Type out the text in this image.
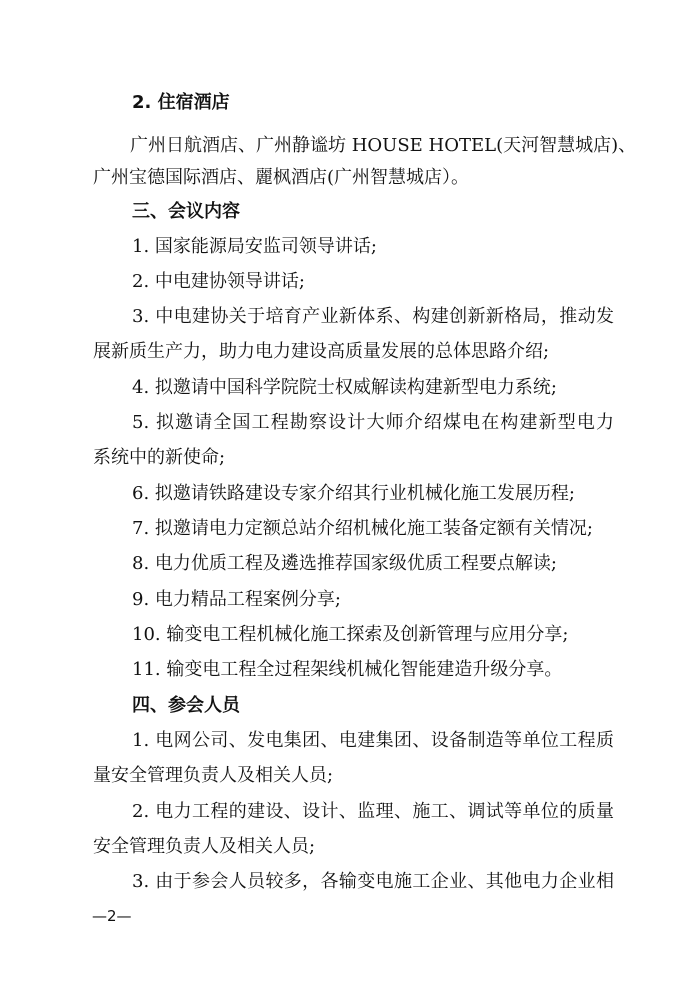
2. 住宿酒店
广州日航酒店、广州静谧坊 HOUSE HOTEL(天河智慧城店)、
广州宝德国际酒店、麗枫酒店(广州智慧城店）。
三、会议内容
1. 国家能源局安监司领导讲话;
2. 中电建协领导讲话;
3. 中电建协关于培育产业新体系、构建创新新格局，推动发
展新质生产力，助力电力建设高质量发展的总体思路介绍;
4. 拟邀请中国科学院院士权威解读构建新型电力系统;
5. 拟邀请全国工程勘察设计大师介绍煤电在构建新型电力
系统中的新使命;
6. 拟邀请铁路建设专家介绍其行业机械化施工发展历程;
7. 拟邀请电力定额总站介绍机械化施工装备定额有关情况;
8. 电力优质工程及遴选推荐国家级优质工程要点解读;
9. 电力精品工程案例分享;
10. 输变电工程机械化施工探索及创新管理与应用分享;
11. 输变电工程全过程架线机械化智能建造升级分享。
四、参会人员
1. 电网公司、发电集团、电建集团、设备制造等单位工程质
量安全管理负责人及相关人员;
2. 电力工程的建设、设计、监理、施工、调试等单位的质量
安全管理负责人及相关人员;
3. 由于参会人员较多，各输变电施工企业、其他电力企业相
—2—
